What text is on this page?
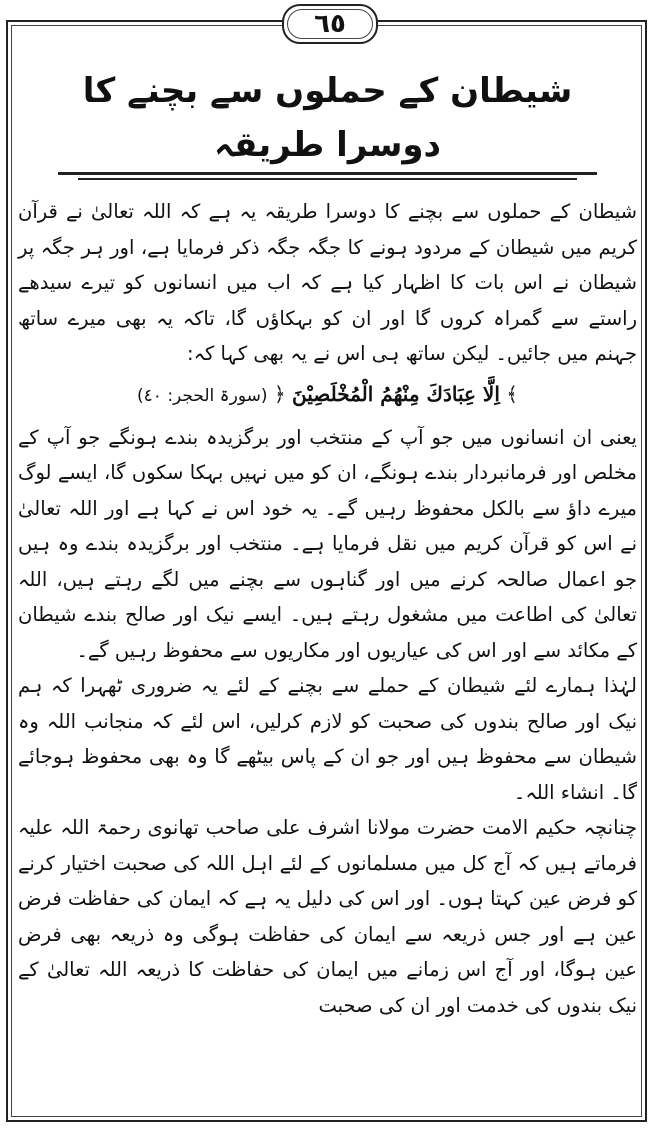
٦٥
شیطان کے حملوں سے بچنے کا دوسرا طریقہ

شیطان کے حملوں سے بچنے کا دوسرا طریقہ یہ ہے کہ اللہ تعالیٰ نے قرآن کریم میں شیطان کے مردود ہونے کا جگہ جگہ ذکر فرمایا ہے، اور ہر جگہ پر شیطان نے اس بات کا اظہار کیا ہے کہ اب میں انسانوں کو تیرے سیدھے راستے سے گمراہ کروں گا اور ان کو بہکاؤں گا، تاکہ یہ بھی میرے ساتھ جہنم میں جائیں۔ لیکن ساتھ ہی اس نے یہ بھی کہا کہ:

﴾ اِلَّا عِبَادَكَ مِنْهُمُ الْمُخْلَصِيْنَ ﴿ (سورۃ الحجر: ٤٠)

یعنی ان انسانوں میں جو آپ کے منتخب اور برگزیدہ بندے ہونگے جو آپ کے مخلص اور فرمانبردار بندے ہونگے، ان کو میں نہیں بہکا سکوں گا، ایسے لوگ میرے داؤ سے بالکل محفوظ رہیں گے۔ یہ خود اس نے کہا ہے اور اللہ تعالیٰ نے اس کو قرآن کریم میں نقل فرمایا ہے۔ منتخب اور برگزیدہ بندے وہ ہیں جو اعمال صالحہ کرنے میں اور گناہوں سے بچنے میں لگے رہتے ہیں، اللہ تعالیٰ کی اطاعت میں مشغول رہتے ہیں۔ ایسے نیک اور صالح بندے شیطان کے مکائد سے اور اس کی عیاریوں اور مکاریوں سے محفوظ رہیں گے۔

لہٰذا ہمارے لئے شیطان کے حملے سے بچنے کے لئے یہ ضروری ٹھہرا کہ ہم نیک اور صالح بندوں کی صحبت کو لازم کرلیں، اس لئے کہ منجانب اللہ وہ شیطان سے محفوظ ہیں اور جو ان کے پاس بیٹھے گا وہ بھی محفوظ ہوجائے گا۔ انشاء اللہ۔

چنانچہ حکیم الامت حضرت مولانا اشرف علی صاحب تھانوی رحمۃ اللہ علیہ فرماتے ہیں کہ آج کل میں مسلمانوں کے لئے اہل اللہ کی صحبت اختیار کرنے کو فرض عین کہتا ہوں۔ اور اس کی دلیل یہ ہے کہ ایمان کی حفاظت فرض عین ہے اور جس ذریعہ سے ایمان کی حفاظت ہوگی وہ ذریعہ بھی فرض عین ہوگا، اور آج اس زمانے میں ایمان کی حفاظت کا ذریعہ اللہ تعالیٰ کے نیک بندوں کی خدمت اور ان کی صحبت
